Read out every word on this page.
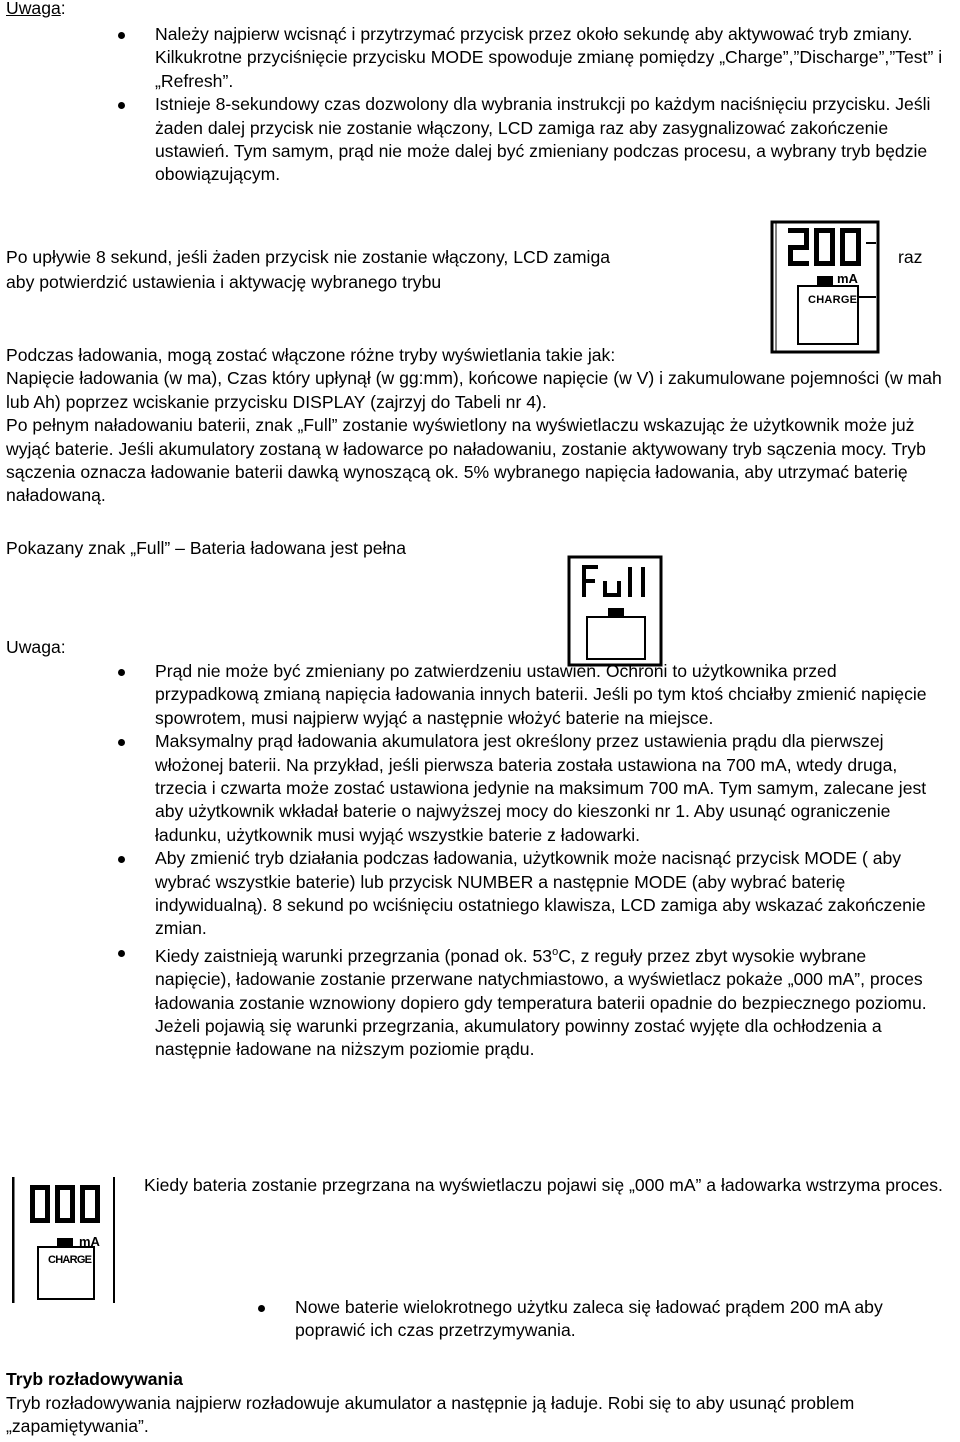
Uwaga:
Należy najpierw wcisnąć i przytrzymać przycisk przez około sekundę aby aktywować tryb zmiany. Kilkukrotne przyciśnięcie przycisku MODE spowoduje zmianę pomiędzy „Charge”,”Discharge”,”Test” i „Refresh”.
Istnieje 8-sekundowy czas dozwolony dla wybrania instrukcji po każdym naciśnięciu przycisku. Jeśli żaden dalej przycisk nie zostanie włączony, LCD zamiga raz aby zasygnalizować zakończenie ustawień. Tym samym, prąd nie może dalej być zmieniany podczas procesu, a wybrany tryb będzie obowiązującym.
Po upływie 8 sekund, jeśli żaden przycisk nie zostanie włączony, LCD zamiga	raz
aby potwierdzić ustawienia i aktywację wybranego trybu	mA
CHARGE

Podczas ładowania, mogą zostać włączone różne tryby wyświetlania takie jak:

Napięcie ładowania (w ma), Czas który upłynął (w gg:mm), końcowe napięcie (w V) i zakumulowane pojemności (w mah lub Ah) poprzez wciskanie przycisku DISPLAY (zajrzyj do Tabeli nr 4).

Po pełnym naładowaniu baterii, znak „Full” zostanie wyświetlony na wyświetlaczu wskazując że użytkownik może już wyjąć baterie. Jeśli akumulatory zostaną w ładowarce po naładowaniu, zostanie aktywowany tryb sączenia mocy. Tryb sączenia oznacza ładowanie baterii dawką wynoszącą ok. 5% wybranego napięcia ładowania, aby utrzymać baterię naładowaną.

Pokazany znak „Full” – Bateria ładowana jest pełna
Uwaga:
Prąd nie może być zmieniany po zatwierdzeniu ustawień. Ochroni to użytkownika przed przypadkową zmianą napięcia ładowania innych baterii. Jeśli po tym ktoś chciałby zmienić napięcie spowrotem, musi najpierw wyjąć a następnie włożyć baterie na miejsce.
Maksymalny prąd ładowania akumulatora jest określony przez ustawienia prądu dla pierwszej włożonej baterii. Na przykład, jeśli pierwsza bateria została ustawiona na 700 mA, wtedy druga, trzecia i czwarta może zostać ustawiona jedynie na maksimum 700 mA. Tym samym, zalecane jest aby użytkownik wkładał baterie o najwyższej mocy do kieszonki nr 1. Aby usunąć ograniczenie ładunku, użytkownik musi wyjąć wszystkie baterie z ładowarki.
Aby zmienić tryb działania podczas ładowania, użytkownik może nacisnąć przycisk MODE ( aby wybrać wszystkie baterie) lub przycisk NUMBER a następnie MODE (aby wybrać baterię indywidualną). 8 sekund po wciśnięciu ostatniego klawisza, LCD zamiga aby wskazać zakończenie zmian.
Kiedy zaistnieją warunki przegrzania (ponad ok. 53$^o$C, z reguły przez zbyt wysokie wybrane napięcie), ładowanie zostanie przerwane natychmiastowo, a wyświetlacz pokaże „000 mA”, proces ładowania zostanie wznowiony dopiero gdy temperatura baterii opadnie do bezpiecznego poziomu. Jeżeli pojawią się warunki przegrzania, akumulatory powinny zostać wyjęte dla ochłodzenia a następnie ładowane na niższym poziomie prądu.
mA
CHARGE
Kiedy bateria zostanie przegrzana na wyświetlaczu pojawi się „000 mA” a ładowarka wstrzyma proces.
Nowe baterie wielokrotnego użytku zaleca się ładować prądem 200 mA aby poprawić ich czas przetrzymywania.
Tryb rozładowywania
Tryb rozładowywania najpierw rozładowuje akumulator a następnie ją ładuje. Robi się to aby usunąć problem „zapamiętywania”.
